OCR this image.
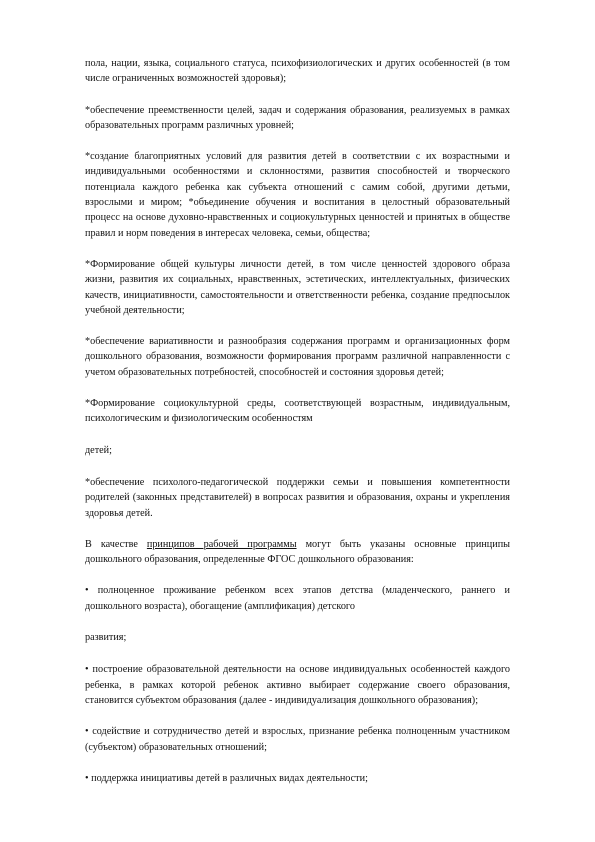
пола, нации, языка, социального статуса, психофизиологических и других особенностей (в том числе ограниченных возможностей здоровья);

*обеспечение преемственности целей, задач и содержания образования, реализуемых в рамках образовательных программ различных уровней;

*создание благоприятных условий для развития детей в соответствии с их возрастными и индивидуальными особенностями и склонностями, развития способностей и творческого потенциала каждого ребенка как субъекта отношений с самим собой, другими детьми, взрослыми и миром; *объединение обучения и воспитания в целостный образовательный процесс на основе духовно-нравственных и социокультурных ценностей и принятых в обществе правил и норм поведения в интересах человека, семьи, общества;

*Формирование общей культуры личности детей, в том числе ценностей здорового образа жизни, развития их социальных, нравственных, эстетических, интеллектуальных, физических качеств, инициативности, самостоятельности и ответственности ребенка, создание предпосылок учебной деятельности;

*обеспечение вариативности и разнообразия содержания программ и организационных форм дошкольного образования, возможности формирования программ различной направленности с учетом образовательных потребностей, способностей и состояния здоровья детей;

*Формирование социокультурной среды, соответствующей возрастным, индивидуальным, психологическим и физиологическим особенностям

детей;

*обеспечение психолого-педагогической поддержки семьи и повышения компетентности родителей (законных представителей) в вопросах развития и образования, охраны и укрепления здоровья детей.

В качестве принципов рабочей программы могут быть указаны основные принципы дошкольного образования, определенные ФГОС дошкольного образования:

• полноценное проживание ребенком всех этапов детства (младенческого, раннего и дошкольного возраста), обогащение (амплификация) детского

развития;

• построение образовательной деятельности на основе индивидуальных особенностей каждого ребенка, в рамках которой ребенок активно выбирает содержание своего образования, становится субъектом образования (далее - индивидуализация дошкольного образования);

• содействие и сотрудничество детей и взрослых, признание ребенка полноценным участником (субъектом) образовательных отношений;

• поддержка инициативы детей в различных видах деятельности;
